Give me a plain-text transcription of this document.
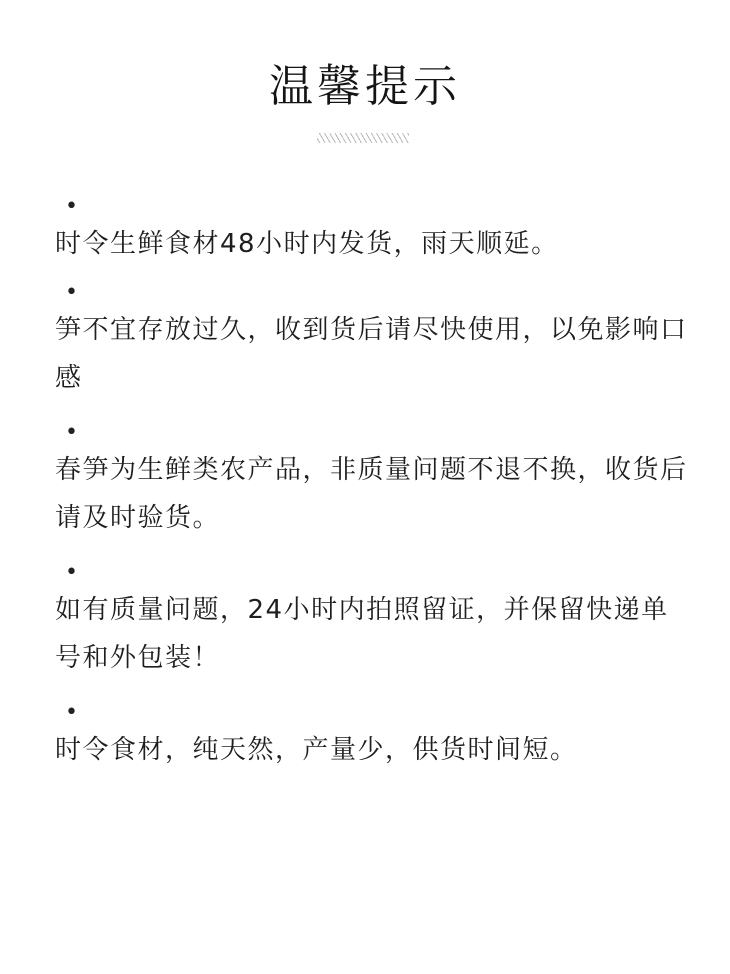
温馨提示
•
时令生鲜食材48小时内发货，雨天顺延。
•
笋不宜存放过久，收到货后请尽快使用，以免影响口感
•
春笋为生鲜类农产品，非质量问题不退不换，收货后请及时验货。
•
如有质量问题，24小时内拍照留证，并保留快递单号和外包装！
•
时令食材，纯天然，产量少，供货时间短。
